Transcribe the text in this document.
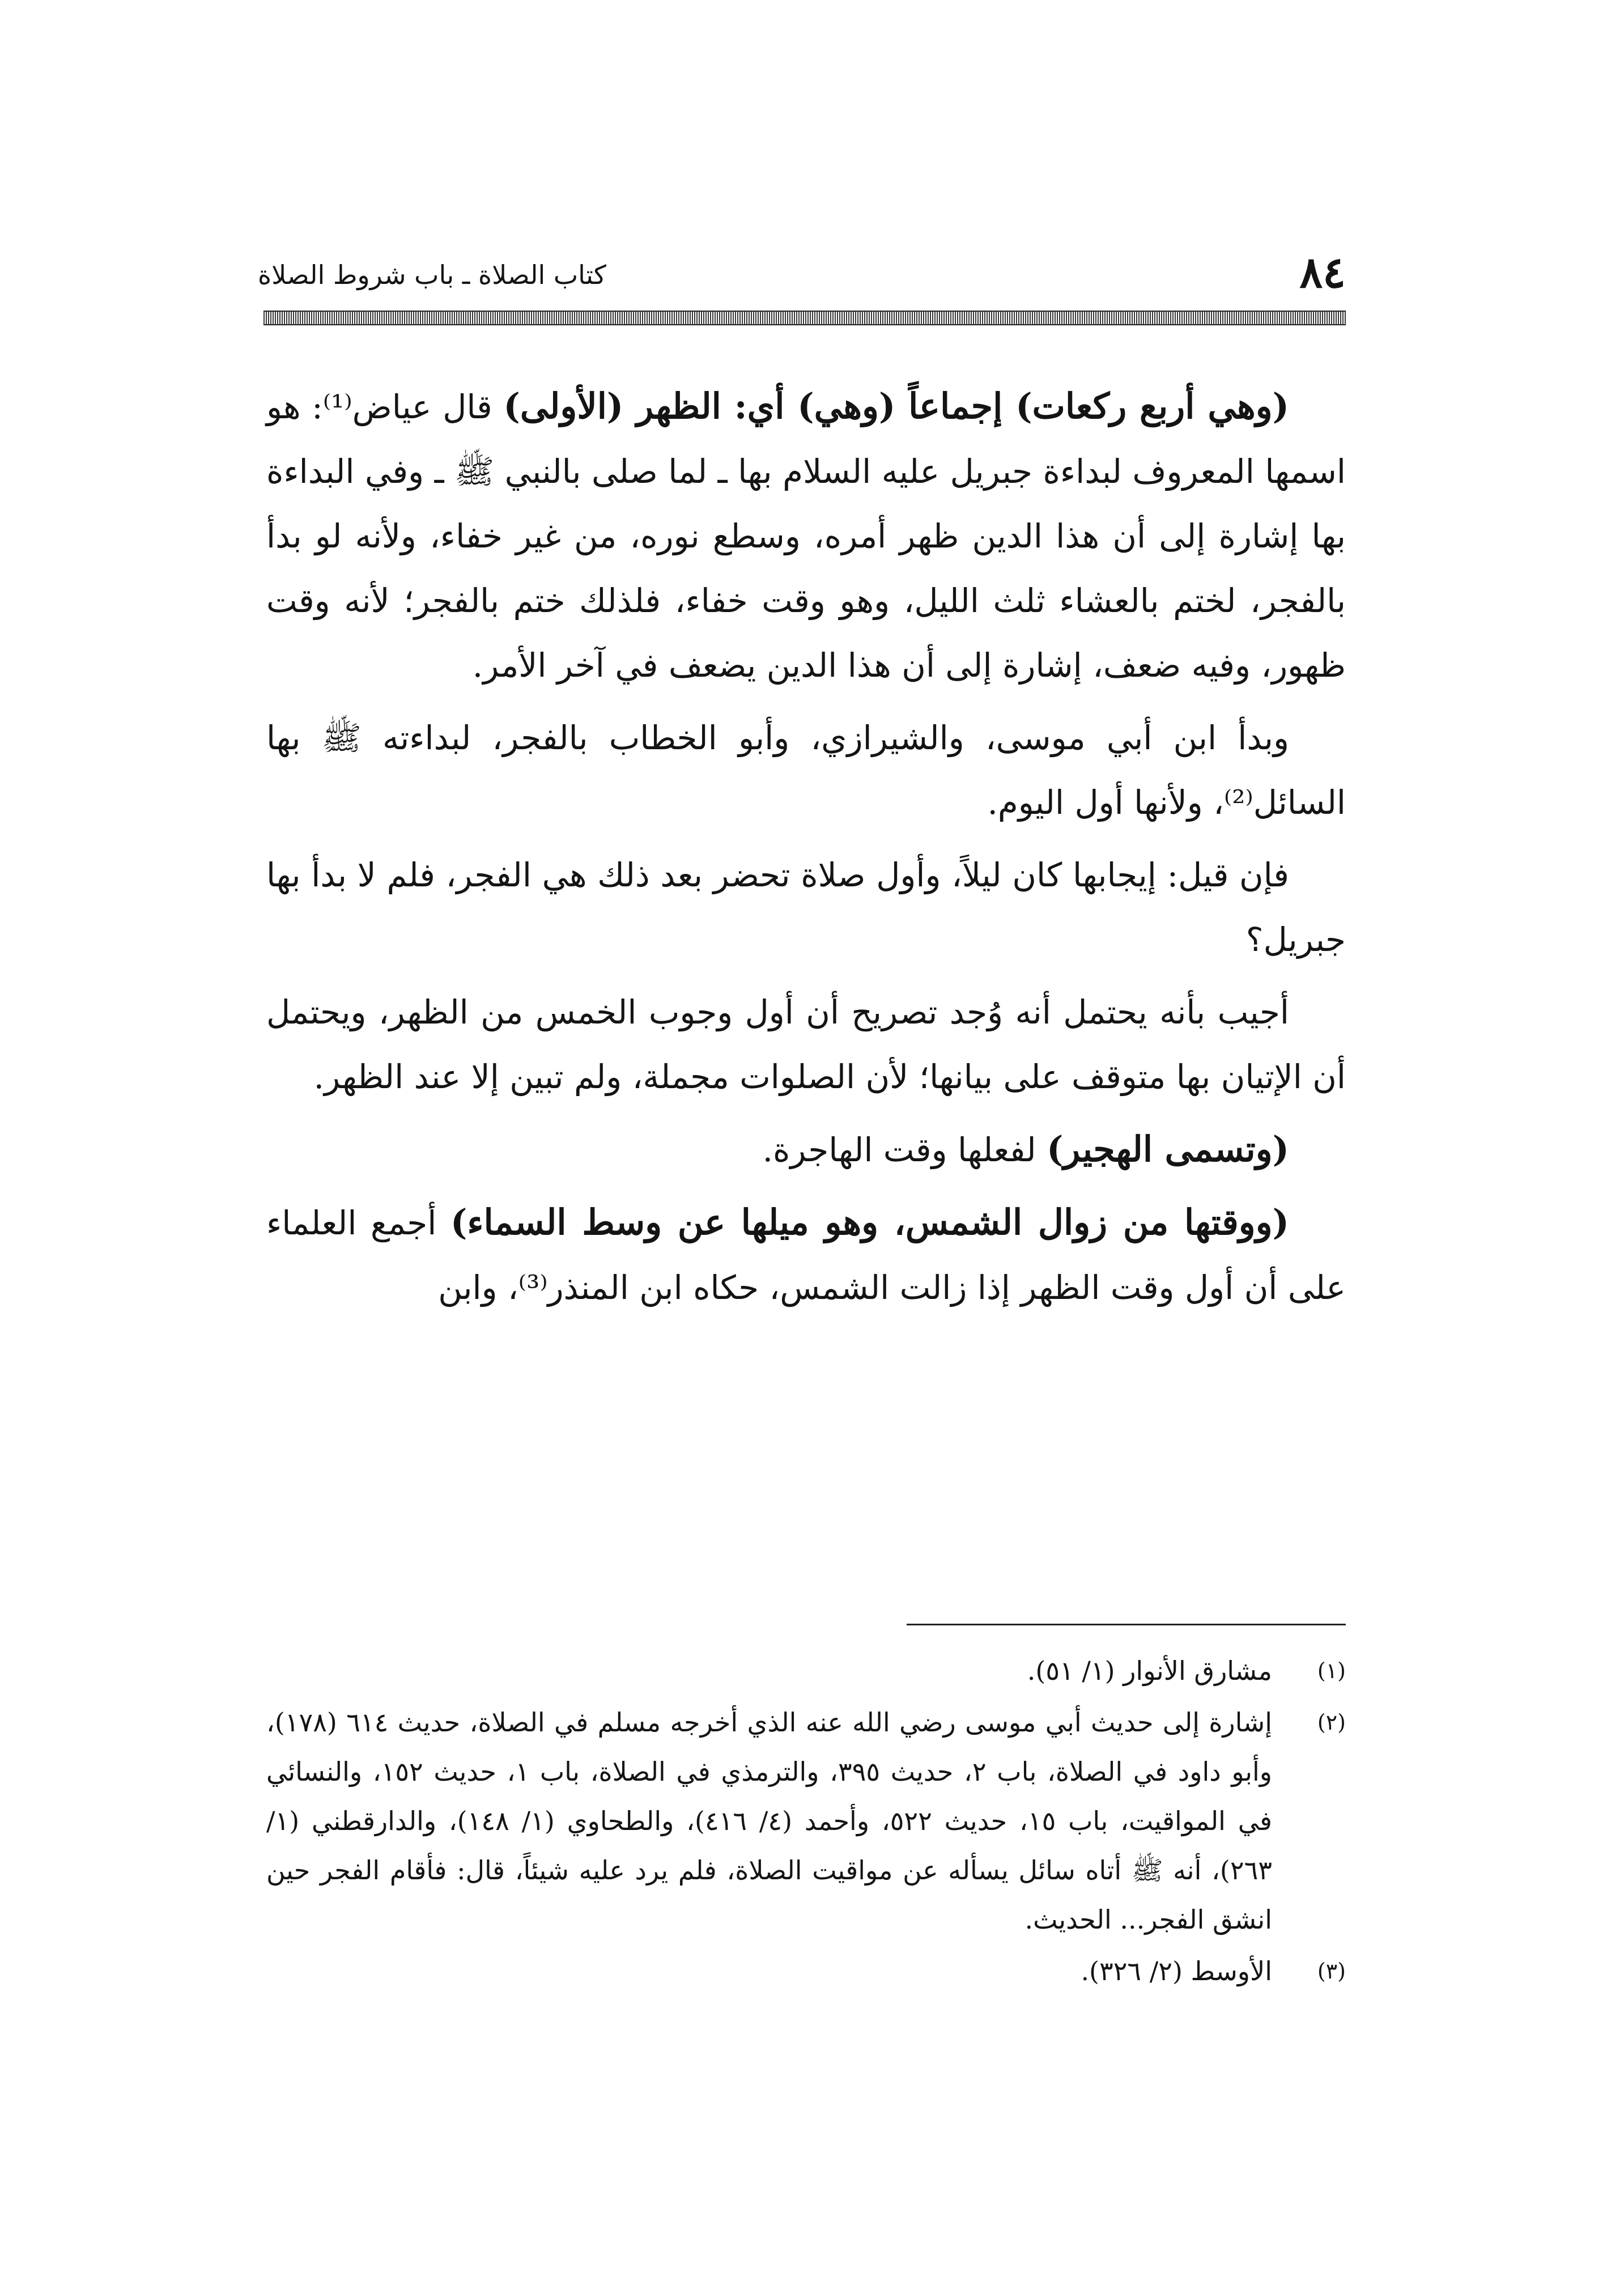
٨٤
كتاب الصلاة ـ باب شروط الصلاة

(وهي أربع ركعات) إجماعاً (وهي) أي: الظهر (الأولى) قال عياض⁽¹⁾: هو اسمها المعروف لبداءة جبريل عليه السلام بها ـ لما صلى بالنبي ﷺ ـ وفي البداءة بها إشارة إلى أن هذا الدين ظهر أمره، وسطع نوره، من غير خفاء، ولأنه لو بدأ بالفجر، لختم بالعشاء ثلث الليل، وهو وقت خفاء، فلذلك ختم بالفجر؛ لأنه وقت ظهور، وفيه ضعف، إشارة إلى أن هذا الدين يضعف في آخر الأمر.

وبدأ ابن أبي موسى، والشيرازي، وأبو الخطاب بالفجر، لبداءته ﷺ بها السائل⁽²⁾، ولأنها أول اليوم.

فإن قيل: إيجابها كان ليلاً، وأول صلاة تحضر بعد ذلك هي الفجر، فلم لا بدأ بها جبريل؟

أجيب بأنه يحتمل أنه وُجد تصريح أن أول وجوب الخمس من الظهر، ويحتمل أن الإتيان بها متوقف على بيانها؛ لأن الصلوات مجملة، ولم تبين إلا عند الظهر.

(وتسمى الهجير) لفعلها وقت الهاجرة.

(ووقتها من زوال الشمس، وهو ميلها عن وسط السماء) أجمع العلماء على أن أول وقت الظهر إذا زالت الشمس، حكاه ابن المنذر⁽³⁾، وابن

(١)
مشارق الأنوار (١/ ٥١).
(٢)
إشارة إلى حديث أبي موسى رضي الله عنه الذي أخرجه مسلم في الصلاة، حديث ٦١٤ (١٧٨)، وأبو داود في الصلاة، باب ٢، حديث ٣٩٥، والترمذي في الصلاة، باب ١، حديث ١٥٢، والنسائي في المواقيت، باب ١٥، حديث ٥٢٢، وأحمد (٤/ ٤١٦)، والطحاوي (١/ ١٤٨)، والدارقطني (١/ ٢٦٣)، أنه ﷺ أتاه سائل يسأله عن مواقيت الصلاة، فلم يرد عليه شيئاً، قال: فأقام الفجر حين انشق الفجر... الحديث.
(٣)
الأوسط (٢/ ٣٢٦).
